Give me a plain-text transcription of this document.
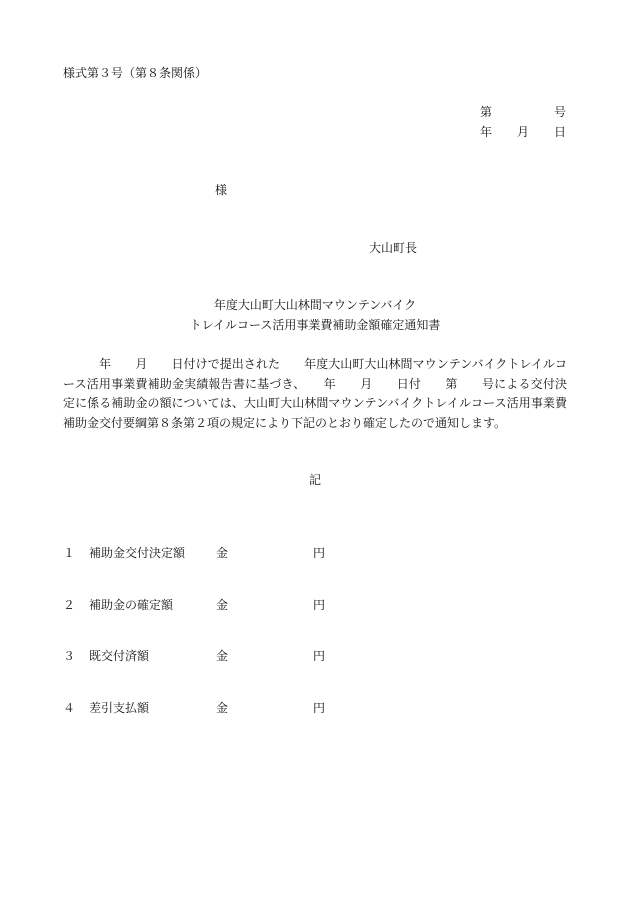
様式第３号（第８条関係）
第	号
年 月 日
様
大山町長
年度大山町大山林間マウンテンバイク
トレイルコース活用事業費補助金額確定通知書
　　　年　　月　　日付けで提出された　　年度大山町大山林間マウンテンバイクトレイルコース活用事業費補助金実績報告書に基づき、　　年　　月　　日付　　第　　号による交付決定に係る補助金の額については、大山町大山林間マウンテンバイクトレイルコース活用事業費補助金交付要綱第８条第２項の規定により下記のとおり確定したので通知します。
記

１	補助金交付決定額	金	円

２	補助金の確定額	金	円

３	既交付済額	金	円

４	差引支払額	金	円
